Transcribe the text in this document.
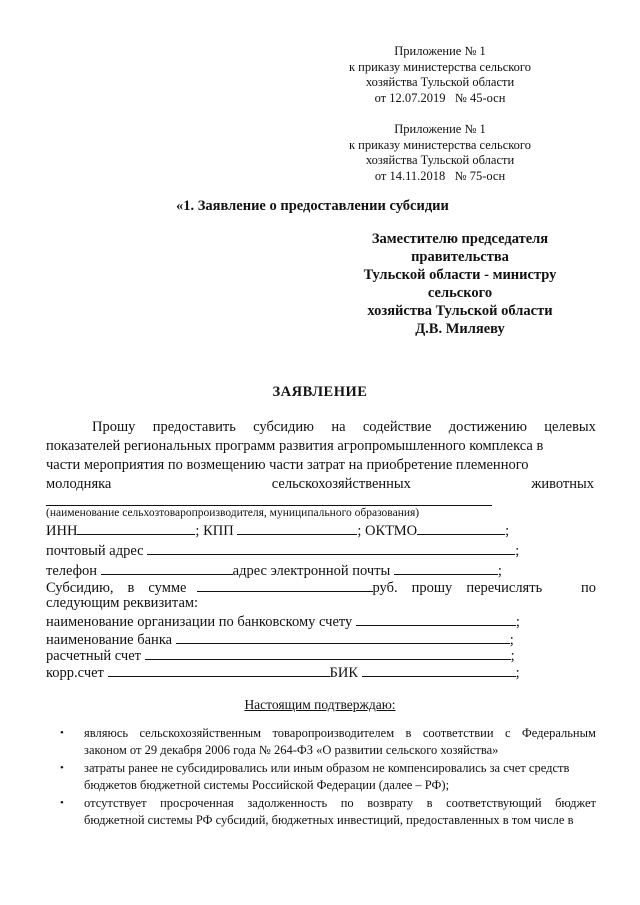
Приложение № 1
к приказу министерства сельского
хозяйства Тульской области
от 12.07.2019   № 45-осн
Приложение № 1
к приказу министерства сельского
хозяйства Тульской области
от 14.11.2018   № 75-осн
«1. Заявление о предоставлении субсидии
Заместителю председателя
правительства
Тульской области - министру
сельского
хозяйства Тульской области
Д.В. Миляеву
ЗАЯВЛЕНИЕ
Прошу предоставить субсидию на содействие достижению целевых
показателей региональных программ развития агропромышленного комплекса в
части мероприятия по возмещению части затрат на приобретение племенного
молодняка	сельскохозяйственных	животных
(наименование сельхозтоваропроизводителя, муниципального образования)
ИНН	; КПП	; ОКТМО	;
почтовый адрес	;
телефон	адрес электронной почты	;
Субсидию, в сумме	руб. прошу перечислять	по
следующим реквизитам:
наименование организации по банковскому счету	;
наименование банка	;
расчетный счет	;
корр.счет	БИК	;
Настоящим подтверждаю:
• являюсь сельскохозяйственным товаропроизводителем в соответствии с Федеральным
законом от 29 декабря 2006 года № 264-ФЗ «О развитии сельского хозяйства»
• затраты ранее не субсидировались или иным образом не компенсировались за счет средств
бюджетов бюджетной системы Российской Федерации (далее – РФ);
• отсутствует просроченная задолженность по возврату в соответствующий бюджет
бюджетной системы РФ субсидий, бюджетных инвестиций, предоставленных в том числе в
